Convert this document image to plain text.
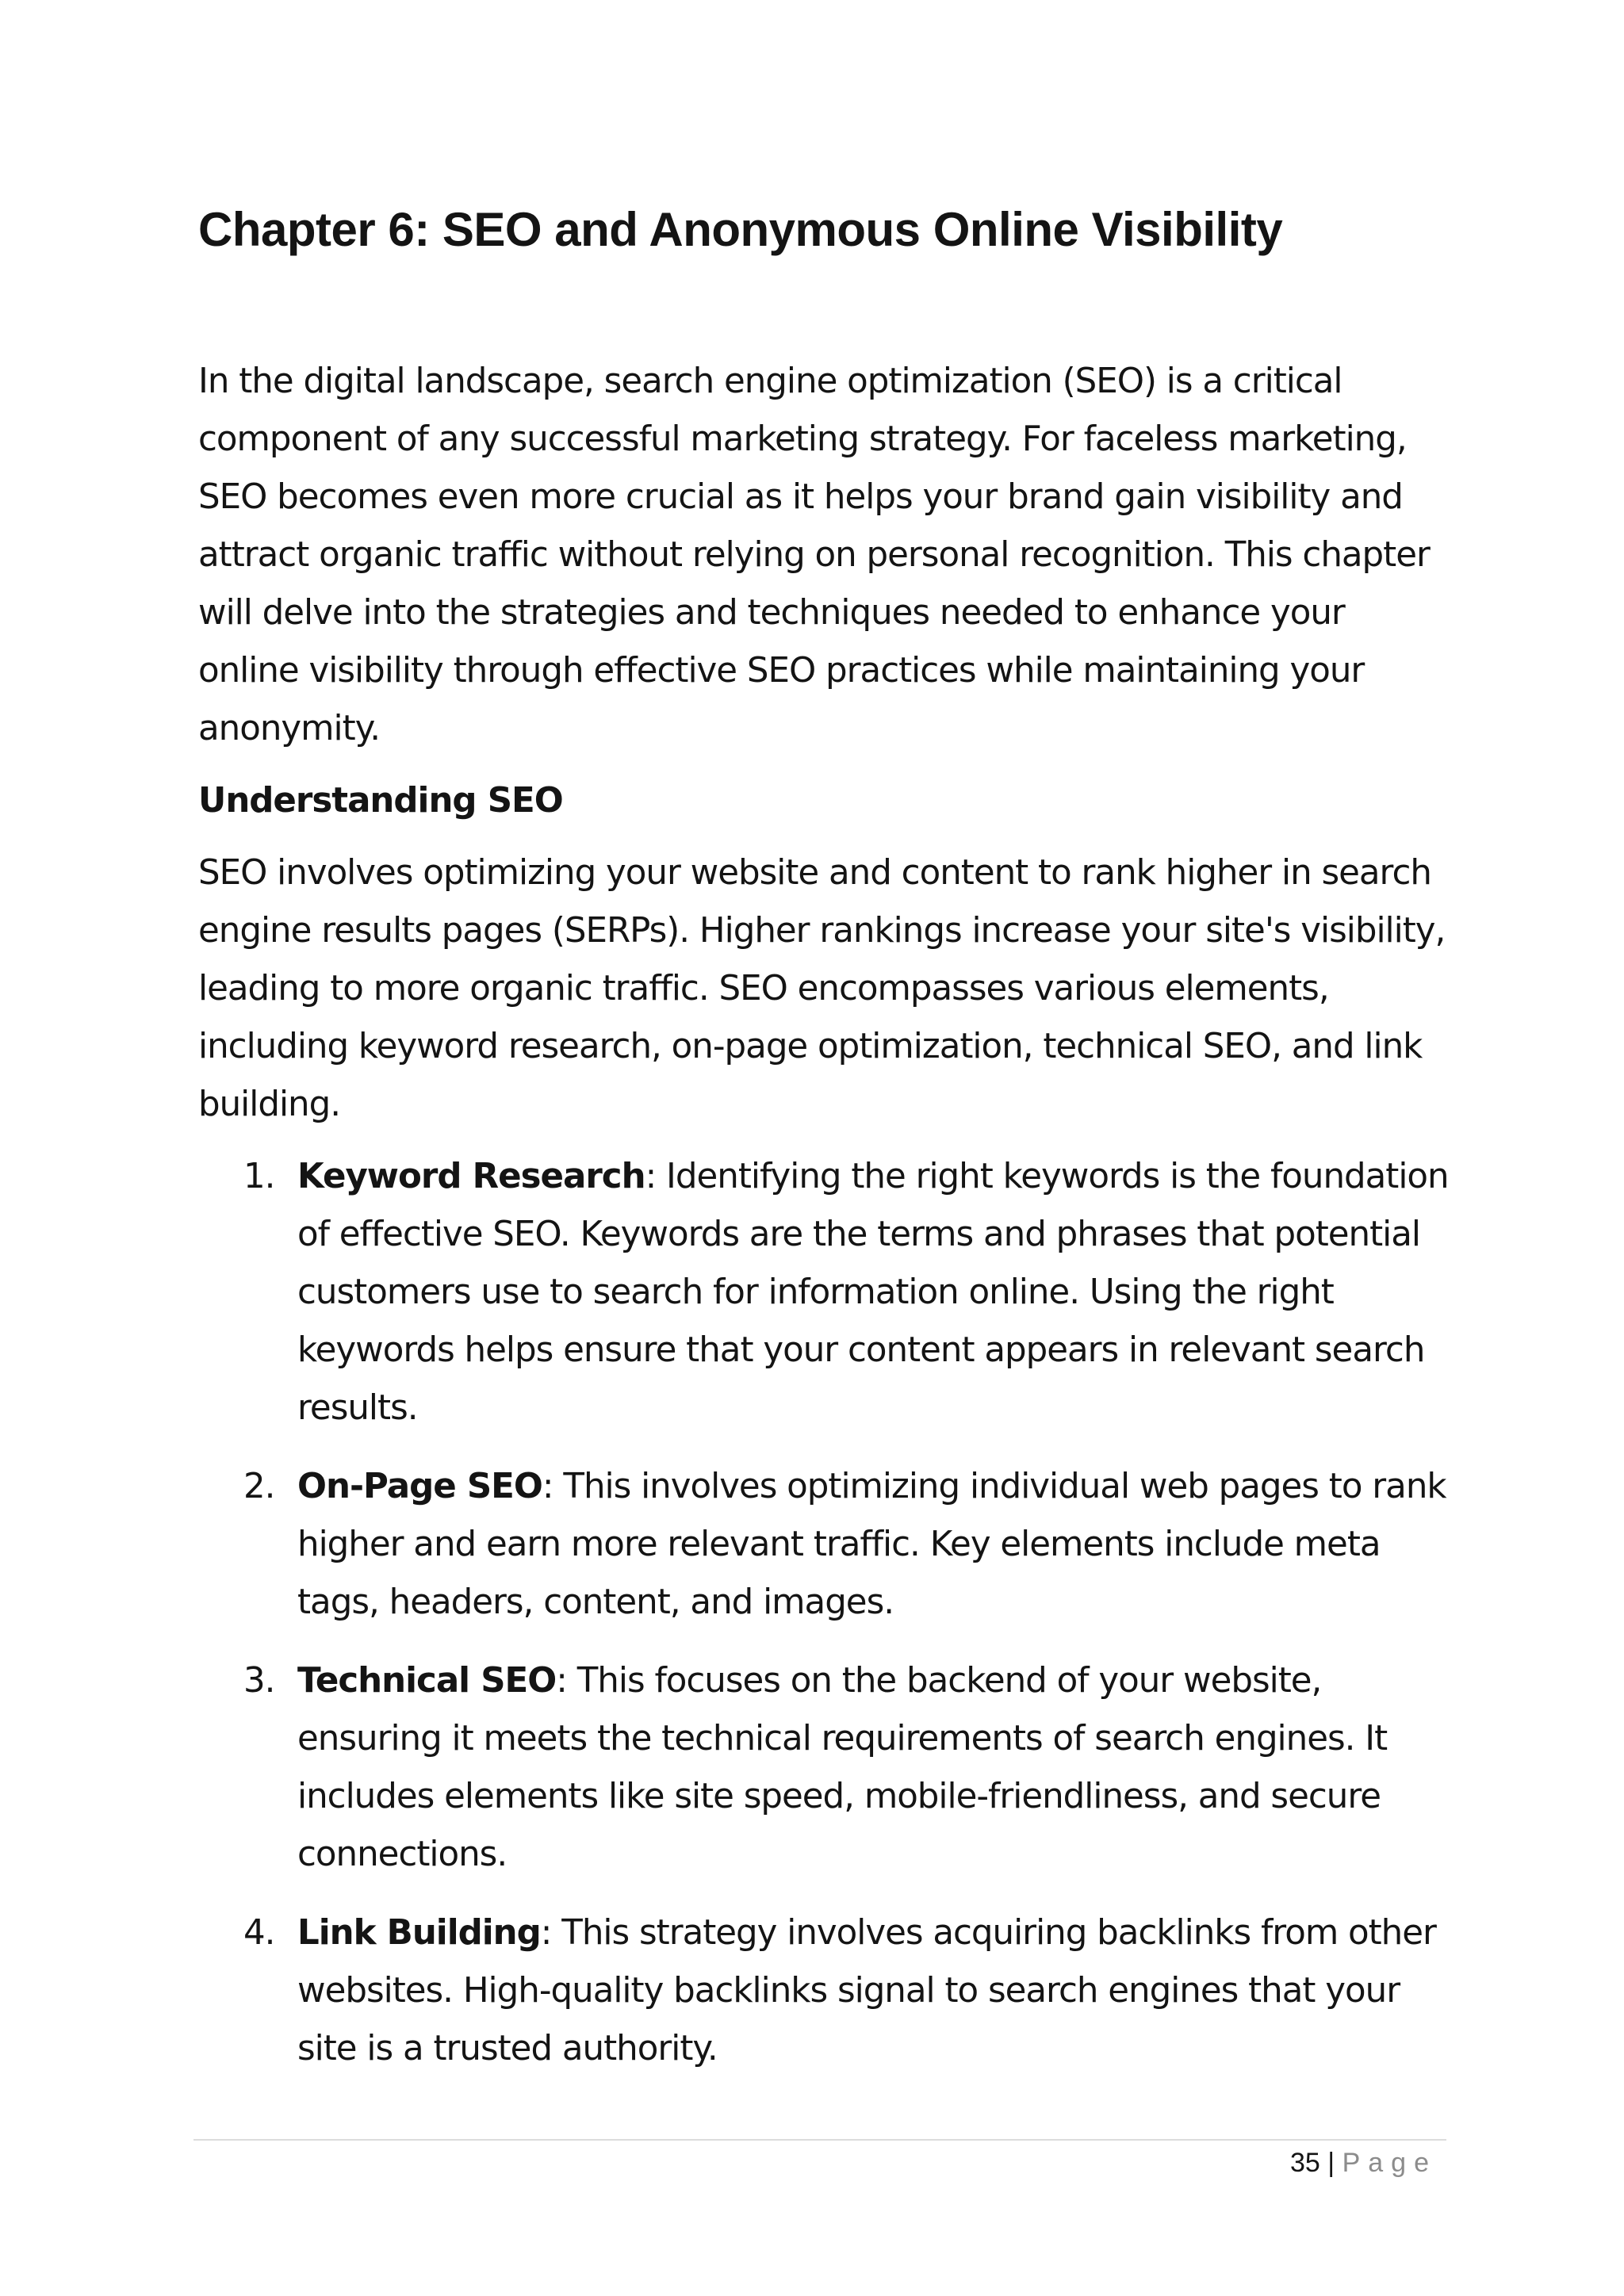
Chapter 6: SEO and Anonymous Online Visibility

In the digital landscape, search engine optimization (SEO) is a critical component of any successful marketing strategy. For faceless marketing, SEO becomes even more crucial as it helps your brand gain visibility and attract organic traffic without relying on personal recognition. This chapter will delve into the strategies and techniques needed to enhance your online visibility through effective SEO practices while maintaining your anonymity.

Understanding SEO

SEO involves optimizing your website and content to rank higher in search engine results pages (SERPs). Higher rankings increase your site's visibility, leading to more organic traffic. SEO encompasses various elements, including keyword research, on-page optimization, technical SEO, and link building.

1. Keyword Research: Identifying the right keywords is the foundation of effective SEO. Keywords are the terms and phrases that potential customers use to search for information online. Using the right keywords helps ensure that your content appears in relevant search results.
2. On-Page SEO: This involves optimizing individual web pages to rank higher and earn more relevant traffic. Key elements include meta tags, headers, content, and images.
3. Technical SEO: This focuses on the backend of your website, ensuring it meets the technical requirements of search engines. It includes elements like site speed, mobile-friendliness, and secure connections.
4. Link Building: This strategy involves acquiring backlinks from other websites. High-quality backlinks signal to search engines that your site is a trusted authority.
35 | Page
